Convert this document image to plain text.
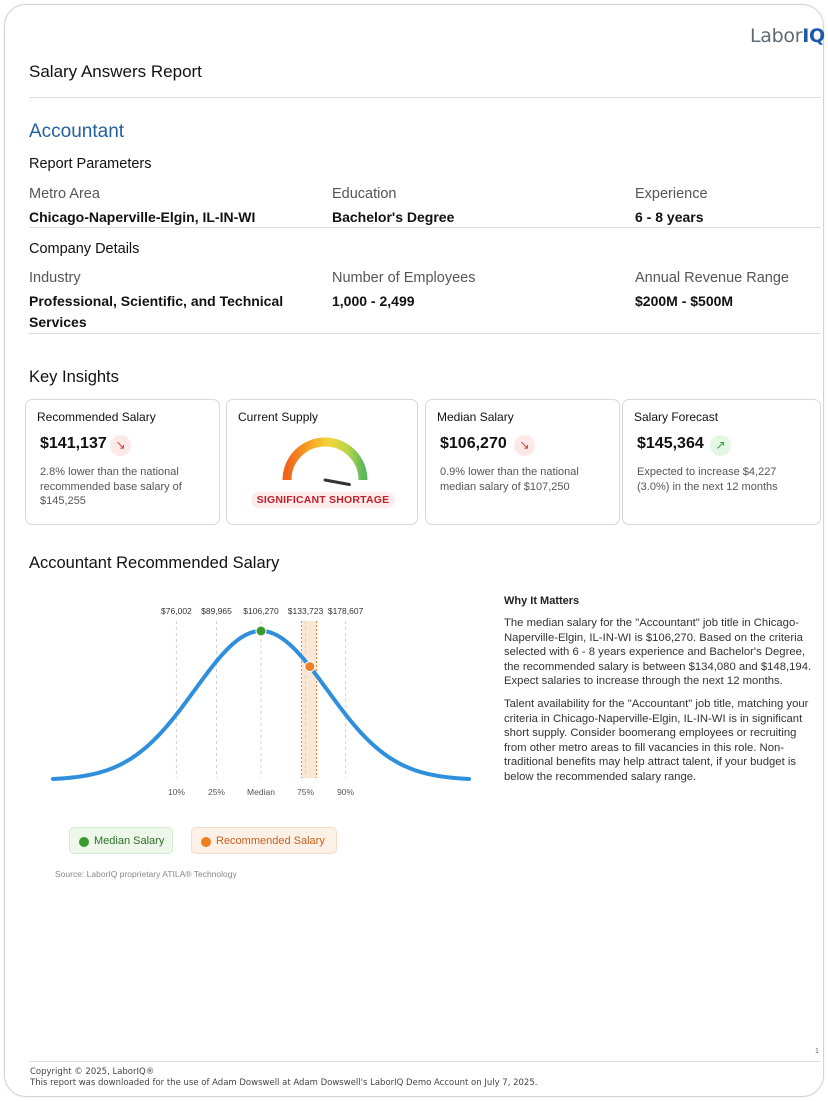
LaborIQ
Salary Answers Report
Accountant
Report Parameters
Metro Area
Chicago-Naperville-Elgin, IL-IN-WI
Education
Bachelor's Degree
Experience
6 - 8 years
Company Details
Industry
Professional, Scientific, and Technical Services
Number of Employees
1,000 - 2,499
Annual Revenue Range
$200M - $500M
Key Insights
Recommended Salary
$141,137 ↘
2.8% lower than the national recommended base salary of $145,255
Current Supply
SIGNIFICANT SHORTAGE
Median Salary
$106,270	↘
0.9% lower than the national median salary of $107,250
Salary Forecast
$145,364 ↗
Expected to increase $4,227 (3.0%) in the next 12 months
Accountant Recommended Salary
$76,002
10%
$89,965
25%
$106,270
Median
$133,723
75%
$178,607
90%
Median Salary	Recommended Salary
Source: LaborIQ proprietary ATILA® Technology
Why It Matters

The median salary for the "Accountant" job title in Chicago-Naperville-Elgin, IL-IN-WI is $106,270. Based on the criteria selected with 6 - 8 years experience and Bachelor's Degree, the recommended salary is between $134,080 and $148,194. Expect salaries to increase through the next 12 months.

Talent availability for the "Accountant" job title, matching your criteria in Chicago-Naperville-Elgin, IL-IN-WI is in significant short supply. Consider boomerang employees or recruiting from other metro areas to fill vacancies in this role. Non-traditional benefits may help attract talent, if your budget is below the recommended salary range.

1
Copyright © 2025, LaborIQ®
This report was downloaded for the use of Adam Dowswell at Adam Dowswell's LaborIQ Demo Account on July 7, 2025.
